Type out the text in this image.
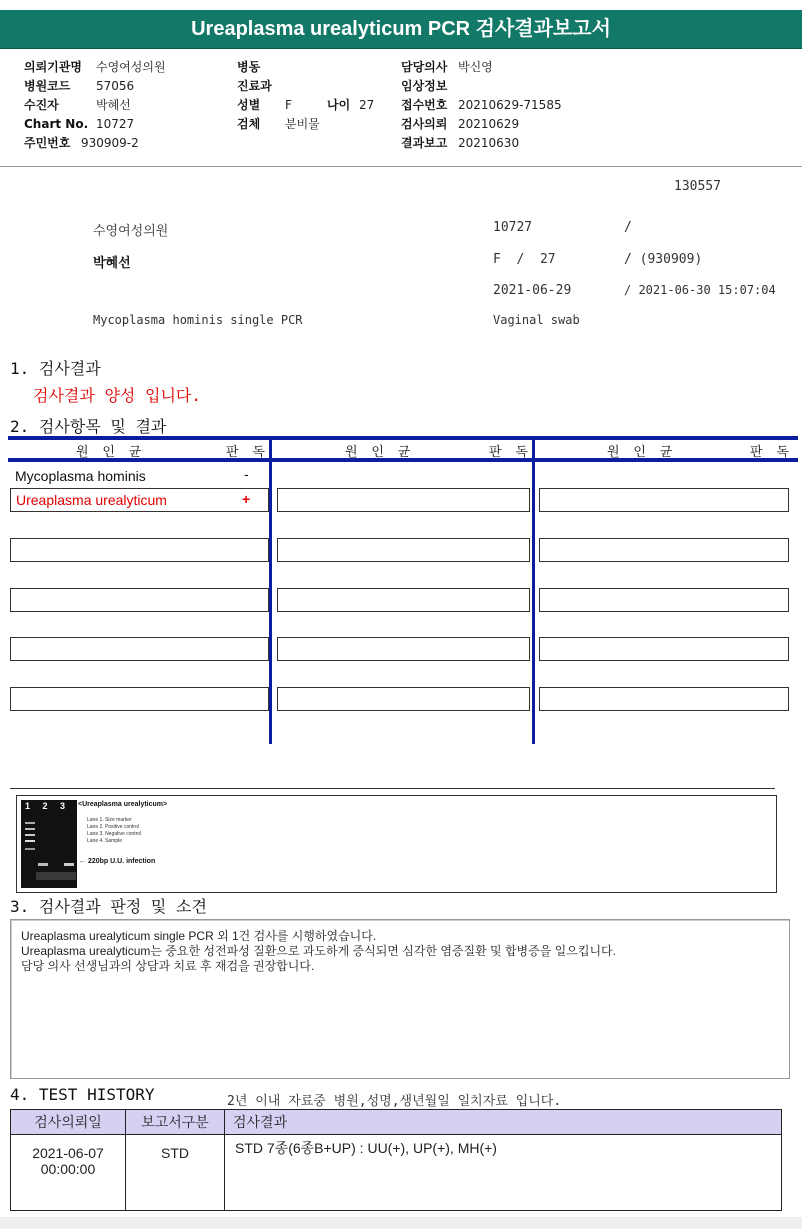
Ureaplasma urealyticum PCR 검사결과보고서
의뢰기관명 수영여성의원
병원코드 57056
수진자	박혜선
Chart No. 10727
주민번호 930909-2
병동
진료과
성별 F	나이 27
검체 분비물
담당의사 박신영
임상정보
접수번호 20210629-71585
검사의뢰 20210629
결과보고 20210630
130557
수영여성의원	10727	/
박혜선	F  /  27	/ (930909)
2021-06-29	/ 2021-06-30 15:07:04
Mycoplasma hominis single PCR	Vaginal swab
1. 검사결과
검사결과 양성 입니다.
2. 검사항목 및 결과
원 인 균	판 독	원 인 균	판 독	원 인 균	판 독
Mycoplasma hominis	-
Ureaplasma urealyticum	+
1 2 3 4
<Ureaplasma urealyticum>
Lane 1. Size marker
Lane 2. Positive control
Lane 3. Negative control
Lane 4. Sample
← 220bp U.U. infection
3. 검사결과 판정 및 소견
Ureaplasma urealyticum single PCR 외 1건 검사를 시행하였습니다.
Ureaplasma urealyticum는 중요한 성전파성 질환으로 과도하게 증식되면 심각한 염증질환 및 합병증을 일으킵니다.
담당 의사 선생님과의 상담과 치료 후 재검을 권장합니다.
4. TEST HISTORY	2년 이내 자료중 병원,성명,생년월일 일치자료 입니다.
검사의뢰일	보고서구분	검사결과

2021-06-07
00:00:00	STD	STD 7종(6종B+UP) : UU(+), UP(+), MH(+)
